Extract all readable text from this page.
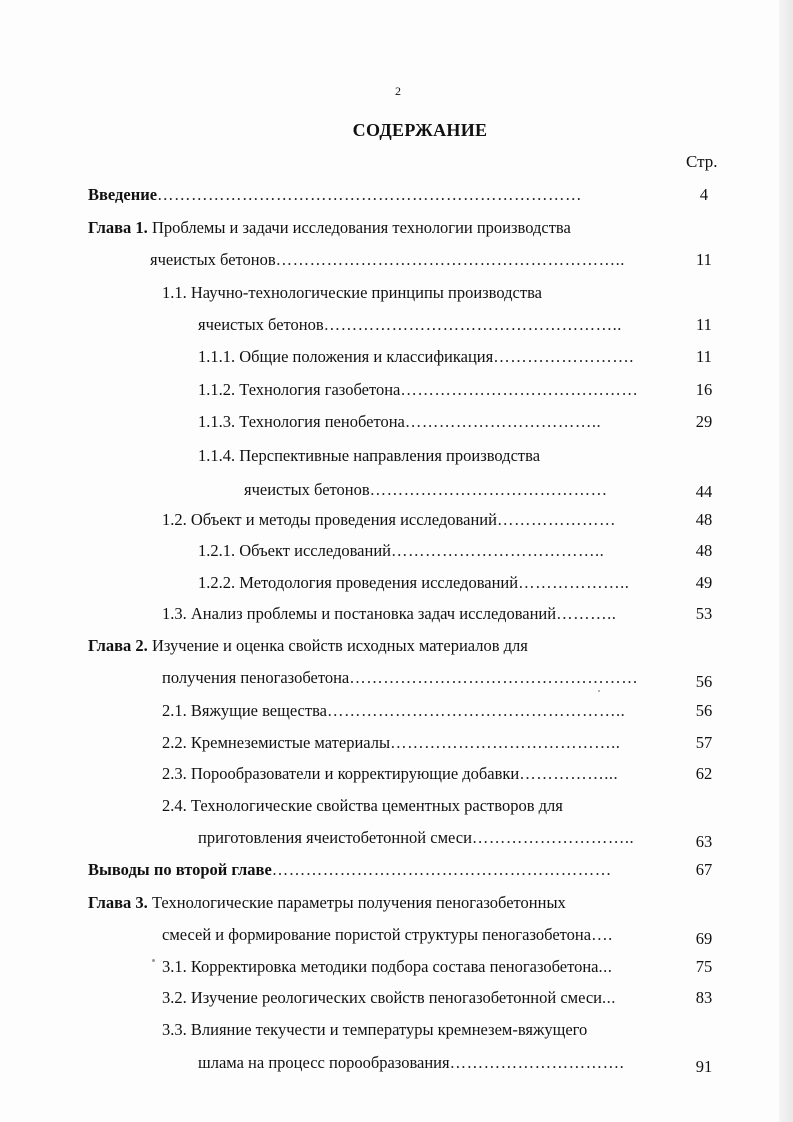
2
СОДЕРЖАНИЕ
Стр.
Введение…………………………………………………………………	4
Глава 1. Проблемы и задачи исследования технологии производства
ячеистых бетонов……………………………………………………..	11
1.1. Научно-технологические принципы производства
ячеистых бетонов……………………………………………..	11
1.1.1. Общие положения и классификация…………………….	11
1.1.2. Технология газобетона……………………………………	16
1.1.3. Технология пенобетона……………………………..	29
1.1.4. Перспективные направления производства
ячеистых бетонов……………………………………	44
1.2. Объект и методы проведения исследований…………………	48
1.2.1. Объект исследований………………………………..	48
1.2.2. Методология проведения исследований………………..	49
1.3. Анализ проблемы и постановка задач исследований………..	53
Глава 2. Изучение и оценка свойств исходных материалов для
получения пеногазобетона……………………………………………	56
2.1. Вяжущие вещества……………………………………………..	56
2.2. Кремнеземистые материалы…………………………………..	57
2.3. Порообразователи и корректирующие добавки……………...	62
2.4. Технологические свойства цементных растворов для
приготовления ячеистобетонной смеси………………………..	63
Выводы по второй главе……………………………………………………	67
Глава 3. Технологические параметры получения пеногазобетонных
смесей и формирование пористой структуры пеногазобетона….	69
3.1. Корректировка методики подбора состава пеногазобетона...	75
3.2. Изучение реологических свойств пеногазобетонной смеси...	83
3.3. Влияние текучести и температуры кремнезем-вяжущего
шлама на процесс порообразования………………………….	91
